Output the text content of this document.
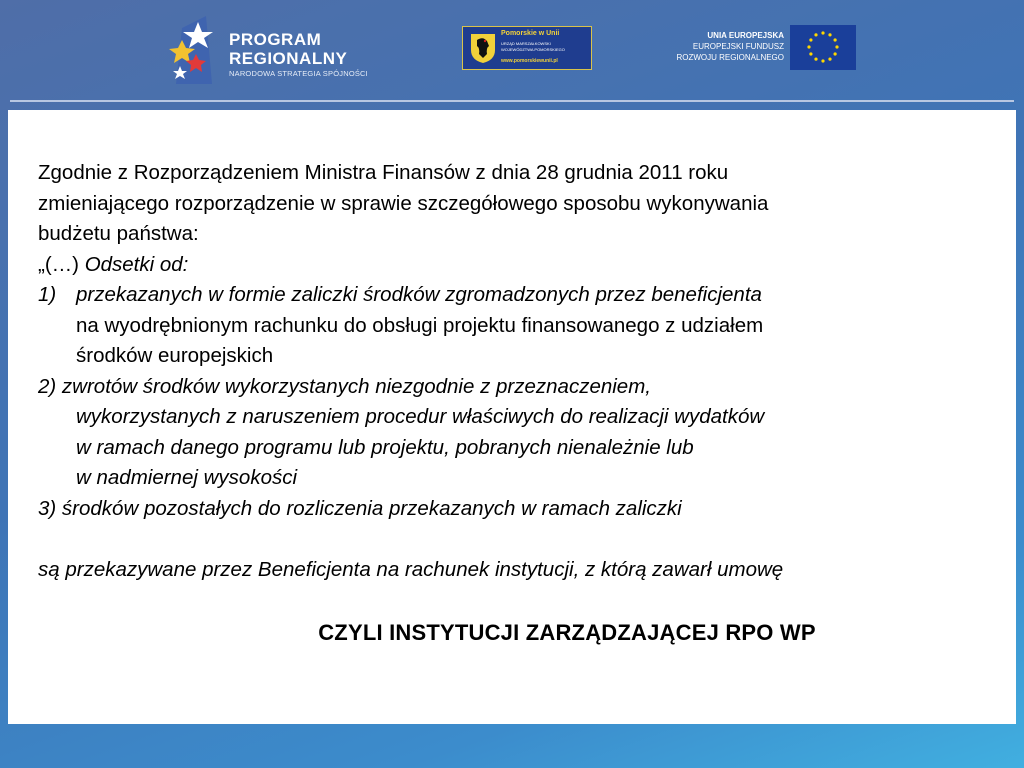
PROGRAM
REGIONALNY
NARODOWA STRATEGIA SPÓJNOŚCI
Pomorskie w Unii
URZĄD MARSZAŁKOWSKI
WOJEWÓDZTWA POMORSKIEGO
www.pomorskiewunii.pl
UNIA EUROPEJSKA
EUROPEJSKI FUNDUSZ
ROZWOJU REGIONALNEGO
Zgodnie z Rozporządzeniem Ministra Finansów z dnia 28 grudnia 2011 roku
zmieniającego rozporządzenie w sprawie szczegółowego sposobu wykonywania
budżetu państwa:
„(…) Odsetki od:
1) przekazanych w formie zaliczki środków zgromadzonych przez beneficjenta
na wyodrębnionym rachunku do obsługi projektu finansowanego z udziałem
środków europejskich
2) zwrotów środków wykorzystanych niezgodnie z przeznaczeniem,
wykorzystanych z naruszeniem procedur właściwych do realizacji wydatków
w ramach danego programu lub projektu, pobranych nienależnie lub
w nadmiernej wysokości
3) środków pozostałych do rozliczenia przekazanych w ramach zaliczki
są przekazywane przez Beneficjenta na rachunek instytucji, z którą zawarł umowę
CZYLI INSTYTUCJI ZARZĄDZAJĄCEJ RPO WP
